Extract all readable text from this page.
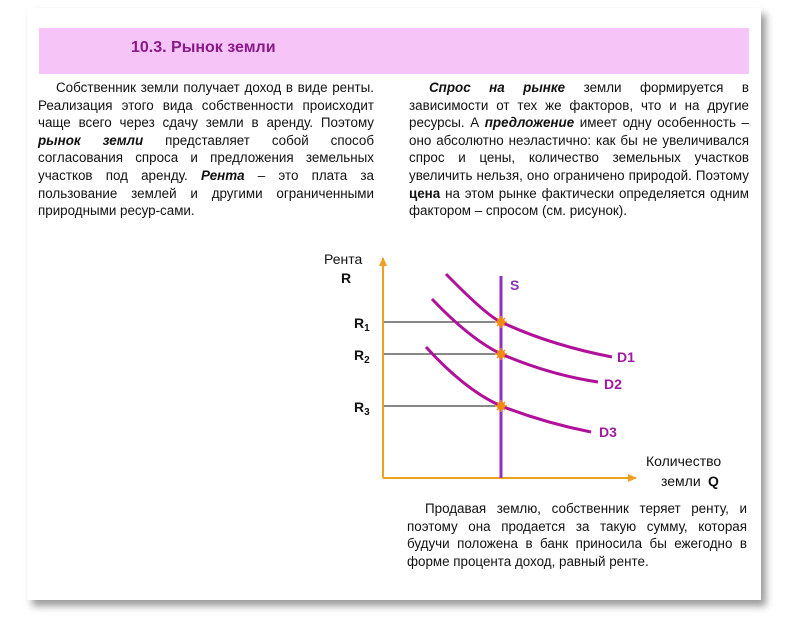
10.3. Рынок земли

Собственник земли получает доход в виде ренты. Реализация этого вида собственности происходит чаще всего через сдачу земли в аренду. Поэтому рынок земли представляет собой способ согласования спроса и предложения земельных участков под аренду. Рента – это плата за пользование землей и другими ограниченными природными ресур-сами.

Спрос на рынке земли формируется в зависимости от тех же факторов, что и на другие ресурсы. А предложение имеет одну особенность – оно абсолютно неэластично: как бы не увеличивался спрос и цены, количество земельных участков увеличить нельзя, оно ограничено природой. Поэтому цена на этом рынке фактически определяется одним фактором – спросом (см. рисунок).

Продавая землю, собственник теряет ренту, и поэтому она продается за такую сумму, которая будучи положена в банк приносила бы ежегодно в форме процента доход, равный ренте.

Рента
R
Количество
земли Q
S
$R_1$
$R_2$
$R_3$
D1
D2
D3
